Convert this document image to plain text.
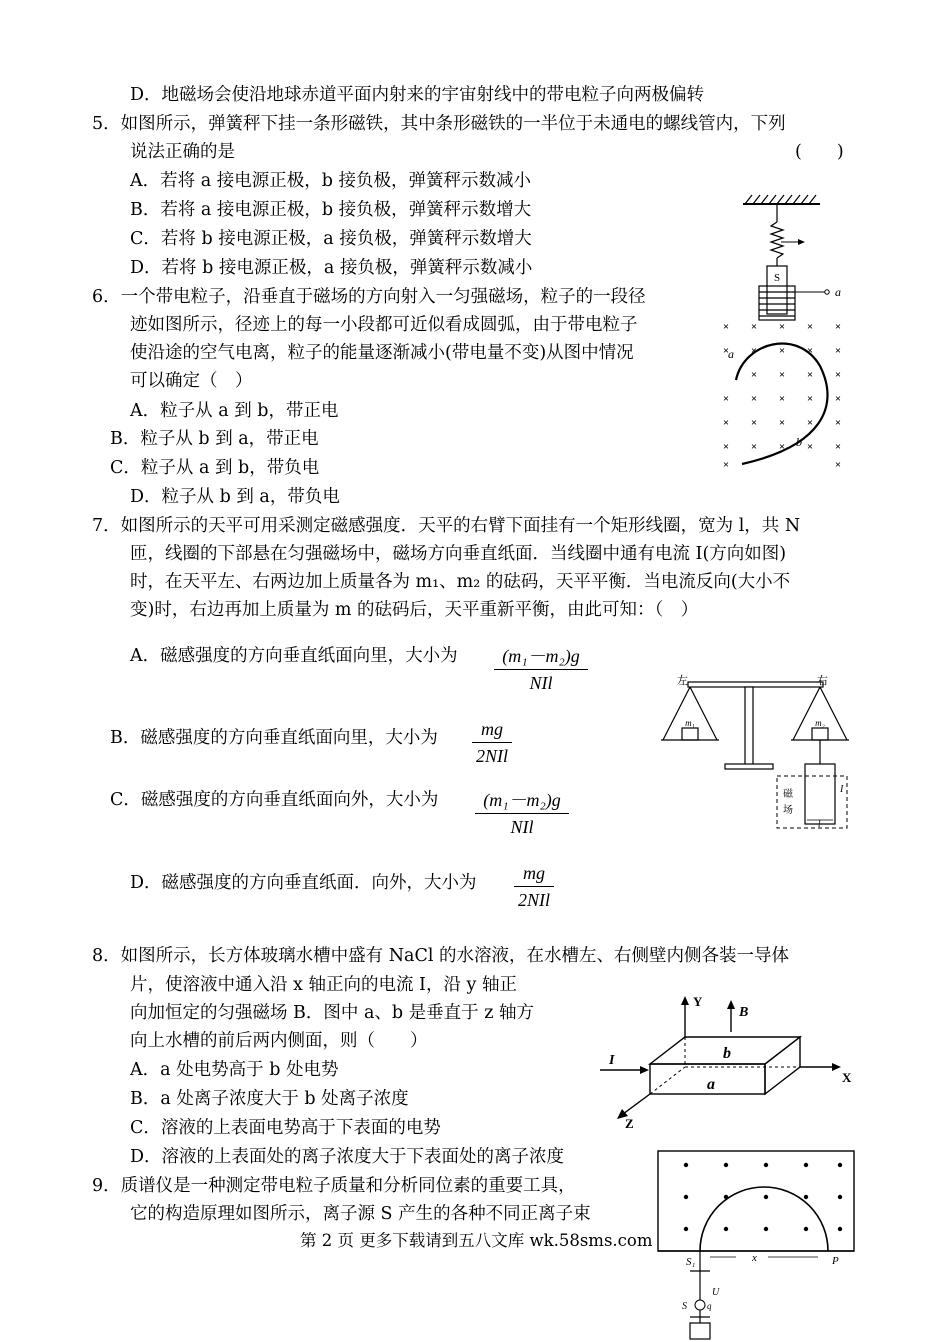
D．地磁场会使沿地球赤道平面内射来的宇宙射线中的带电粒子向两极偏转
5．如图所示，弹簧秤下挂一条形磁铁，其中条形磁铁的一半位于未通电的螺线管内，下列
说法正确的是	(　　)
A．若将 a 接电源正极，b 接负极，弹簧秤示数减小
B．若将 a 接电源正极，b 接负极，弹簧秤示数增大
C．若将 b 接电源正极，a 接负极，弹簧秤示数增大
D．若将 b 接电源正极，a 接负极，弹簧秤示数减小	S
a
6．一个带电粒子，沿垂直于磁场的方向射入一匀强磁场，粒子的一段径
迹如图所示，径迹上的每一小段都可近似看成圆弧，由于带电粒子
使沿途的空气电离，粒子的能量逐渐减小(带电量不变)从图中情况
可以确定（　）
A．粒子从 a 到 b，带正电
B．粒子从 b 到 a，带正电
C．粒子从 a 到 b，带负电
D．粒子从 b 到 a，带负电
× × × × ×
× × × × ×
× × × ×
× × × × ×
× × × × ×
× × × × ×
×	×
a
b
7．如图所示的天平可用采测定磁感强度．天平的右臂下面挂有一个矩形线圈，宽为 l，共 N
匝，线圈的下部悬在匀强磁场中，磁场方向垂直纸面．当线圈中通有电流 I(方向如图)
时，在天平左、右两边加上质量各为 m₁、m₂ 的砝码，天平平衡．当电流反向(大小不
变)时，右边再加上质量为 m 的砝码后，天平重新平衡，由此可知：（　）
A．磁感强度的方向垂直纸面向里，大小为	(m₁－m₂)g
NIl
B．磁感强度的方向垂直纸面向里，大小为	mg
2NIl
C．磁感强度的方向垂直纸面向外，大小为	(m₁－m₂)g
NIl
D．磁感强度的方向垂直纸面．向外，大小为	mg
2NIl
左	右
m₁	m₂
磁
场
I
l
8．如图所示，长方体玻璃水槽中盛有 NaCl 的水溶液，在水槽左、右侧壁内侧各装一导体
片，使溶液中通入沿 x 轴正向的电流 I，沿 y 轴正
向加恒定的匀强磁场 B．图中 a、b 是垂直于 z 轴方
向上水槽的前后两内侧面，则（　　）
A．a 处电势高于 b 处电势
B．a 处离子浓度大于 b 处离子浓度
C．溶液的上表面电势高于下表面的电势
D．溶液的上表面处的离子浓度大于下表面处的离子浓度
Y
B
I	b
a	X
Z
9．质谱仪是一种测定带电粒子质量和分析同位素的重要工具，
它的构造原理如图所示，离子源 S 产生的各种不同正离子束
第 2 页 更多下载请到五八文库 wk.58sms.com
S₁	x	P
U
S q
